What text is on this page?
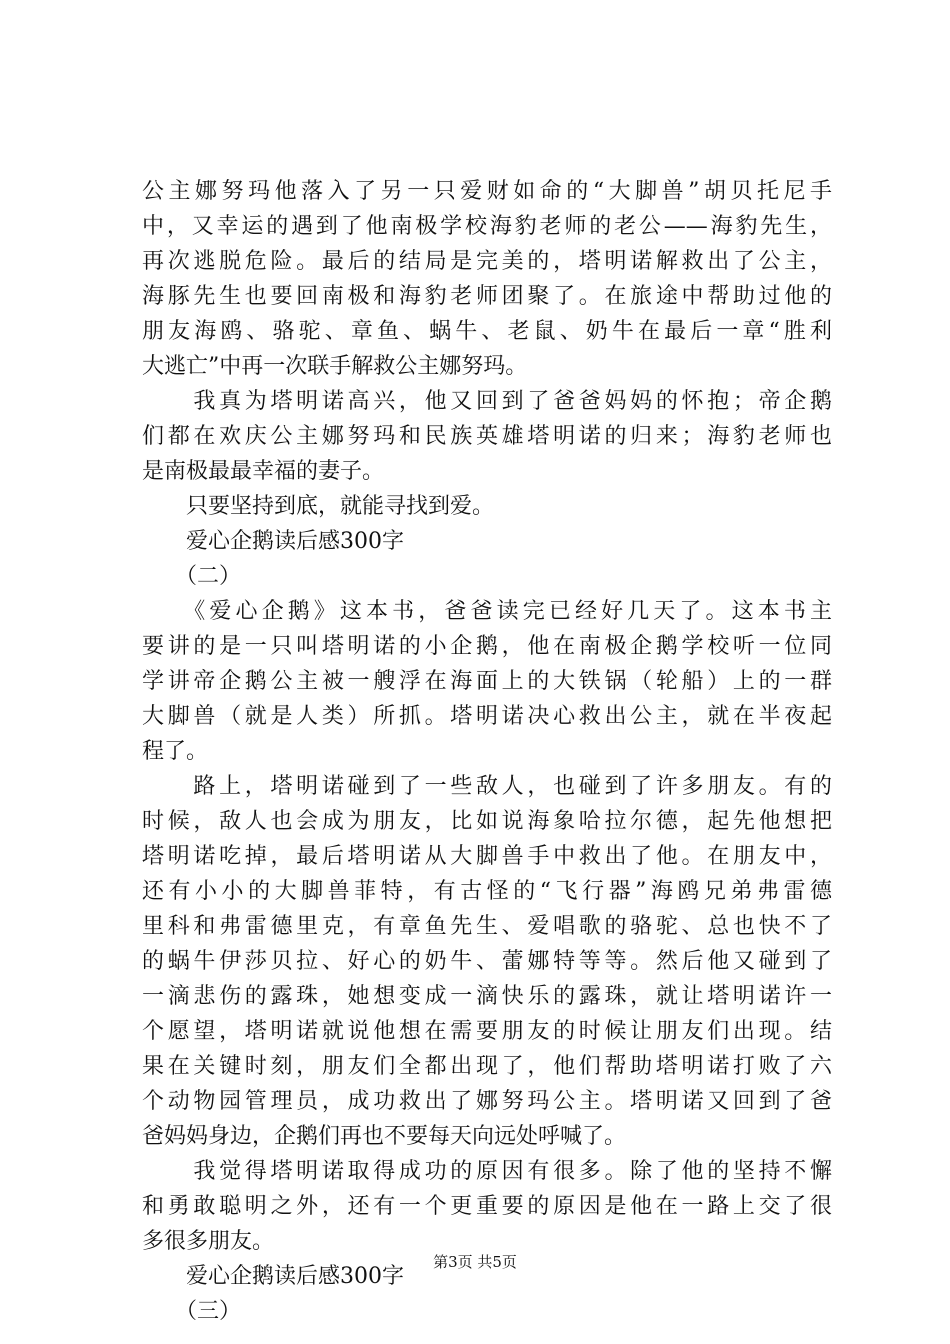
公主娜努玛他落入了另一只爱财如命的“大脚兽”胡贝托尼手
中，又幸运的遇到了他南极学校海豹老师的老公——海豹先生，
再次逃脱危险。最后的结局是完美的，塔明诺解救出了公主，
海豚先生也要回南极和海豹老师团聚了。在旅途中帮助过他的
朋友海鸥、骆驼、章鱼、蜗牛、老鼠、奶牛在最后一章“胜利
大逃亡”中再一次联手解救公主娜努玛。
　　我真为塔明诺高兴，他又回到了爸爸妈妈的怀抱；帝企鹅
们都在欢庆公主娜努玛和民族英雄塔明诺的归来；海豹老师也
是南极最最幸福的妻子。
　　只要坚持到底，就能寻找到爱。
　　爱心企鹅读后感300字
　　（二）
　　《爱心企鹅》这本书，爸爸读完已经好几天了。这本书主
要讲的是一只叫塔明诺的小企鹅，他在南极企鹅学校听一位同
学讲帝企鹅公主被一艘浮在海面上的大铁锅（轮船）上的一群
大脚兽（就是人类）所抓。塔明诺决心救出公主，就在半夜起
程了。
　　路上，塔明诺碰到了一些敌人，也碰到了许多朋友。有的
时候，敌人也会成为朋友，比如说海象哈拉尔德，起先他想把
塔明诺吃掉，最后塔明诺从大脚兽手中救出了他。在朋友中，
还有小小的大脚兽菲特，有古怪的“飞行器”海鸥兄弟弗雷德
里科和弗雷德里克，有章鱼先生、爱唱歌的骆驼、总也快不了
的蜗牛伊莎贝拉、好心的奶牛、蕾娜特等等。然后他又碰到了
一滴悲伤的露珠，她想变成一滴快乐的露珠，就让塔明诺许一
个愿望，塔明诺就说他想在需要朋友的时候让朋友们出现。结
果在关键时刻，朋友们全都出现了，他们帮助塔明诺打败了六
个动物园管理员，成功救出了娜努玛公主。塔明诺又回到了爸
爸妈妈身边，企鹅们再也不要每天向远处呼喊了。
　　我觉得塔明诺取得成功的原因有很多。除了他的坚持不懈
和勇敢聪明之外，还有一个更重要的原因是他在一路上交了很
多很多朋友。
　　爱心企鹅读后感300字
　　（三）
第3页 共5页
